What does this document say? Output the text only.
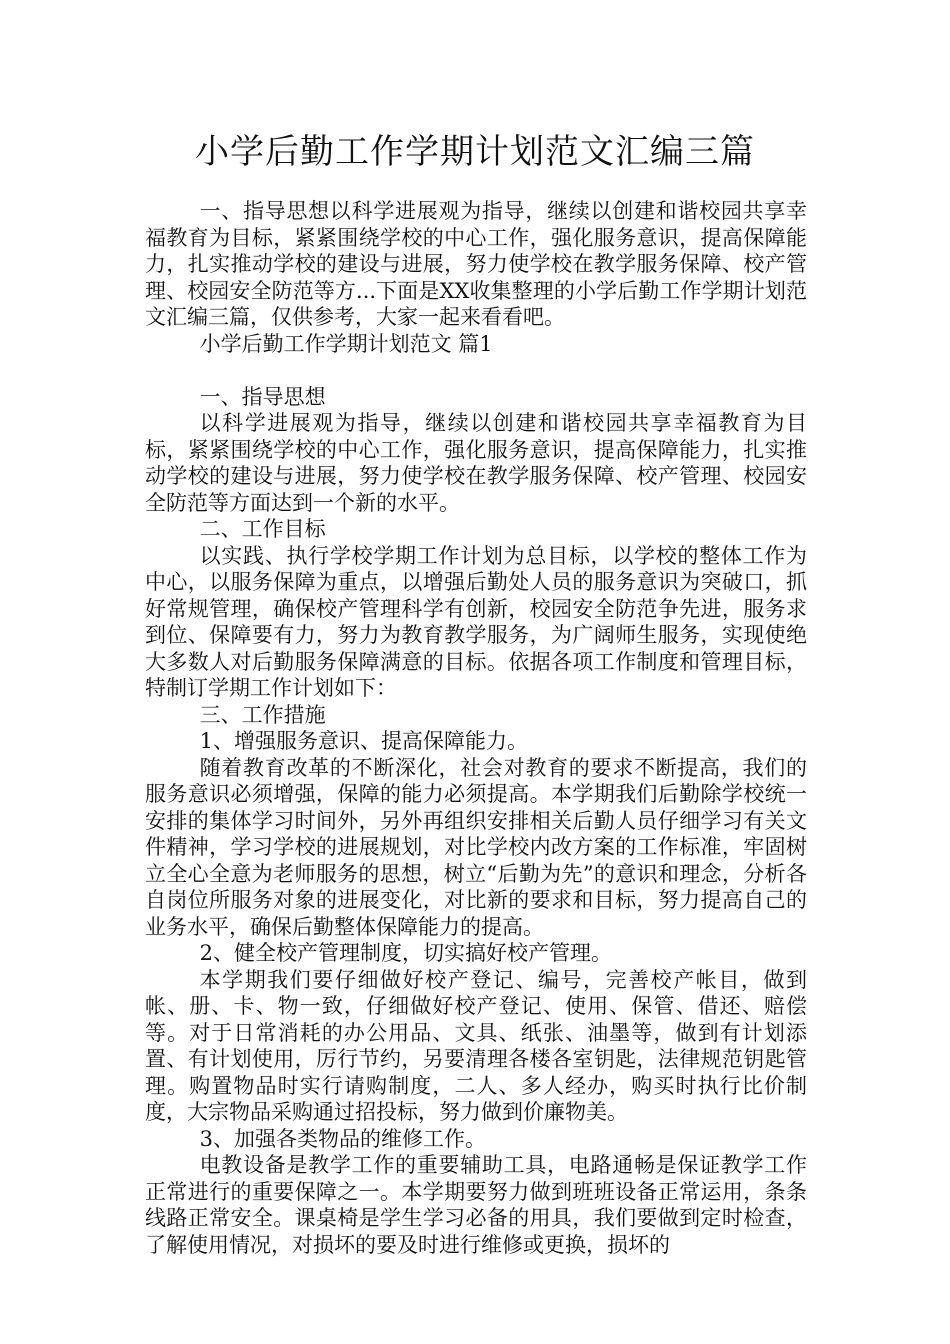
小学后勤工作学期计划范文汇编三篇

一、指导思想以科学进展观为指导，继续以创建和谐校园共享幸福教育为目标，紧紧围绕学校的中心工作，强化服务意识，提高保障能力，扎实推动学校的建设与进展，努力使学校在教学服务保障、校产管理、校园安全防范等方...下面是XX收集整理的小学后勤工作学期计划范文汇编三篇，仅供参考，大家一起来看看吧。

小学后勤工作学期计划范文 篇1

一、指导思想

以科学进展观为指导，继续以创建和谐校园共享幸福教育为目标，紧紧围绕学校的中心工作，强化服务意识，提高保障能力，扎实推动学校的建设与进展，努力使学校在教学服务保障、校产管理、校园安全防范等方面达到一个新的水平。

二、工作目标

以实践、执行学校学期工作计划为总目标，以学校的整体工作为中心，以服务保障为重点，以增强后勤处人员的服务意识为突破口，抓好常规管理，确保校产管理科学有创新，校园安全防范争先进，服务求到位、保障要有力，努力为教育教学服务，为广阔师生服务，实现使绝大多数人对后勤服务保障满意的目标。依据各项工作制度和管理目标，特制订学期工作计划如下：

三、工作措施

1、增强服务意识、提高保障能力。

随着教育改革的不断深化，社会对教育的要求不断提高，我们的服务意识必须增强，保障的能力必须提高。本学期我们后勤除学校统一安排的集体学习时间外，另外再组织安排相关后勤人员仔细学习有关文件精神，学习学校的进展规划，对比学校内改方案的工作标准，牢固树立全心全意为老师服务的思想，树立“后勤为先”的意识和理念，分析各自岗位所服务对象的进展变化，对比新的要求和目标，努力提高自己的业务水平，确保后勤整体保障能力的提高。

2、健全校产管理制度，切实搞好校产管理。

本学期我们要仔细做好校产登记、编号，完善校产帐目，做到帐、册、卡、物一致，仔细做好校产登记、使用、保管、借还、赔偿等。对于日常消耗的办公用品、文具、纸张、油墨等，做到有计划添置、有计划使用，厉行节约，另要清理各楼各室钥匙，法律规范钥匙管理。购置物品时实行请购制度，二人、多人经办，购买时执行比价制度，大宗物品采购通过招投标，努力做到价廉物美。

3、加强各类物品的维修工作。

电教设备是教学工作的重要辅助工具，电路通畅是保证教学工作正常进行的重要保障之一。本学期要努力做到班班设备正常运用，条条线路正常安全。课桌椅是学生学习必备的用具，我们要做到定时检查，了解使用情况，对损坏的要及时进行维修或更换，损坏的
